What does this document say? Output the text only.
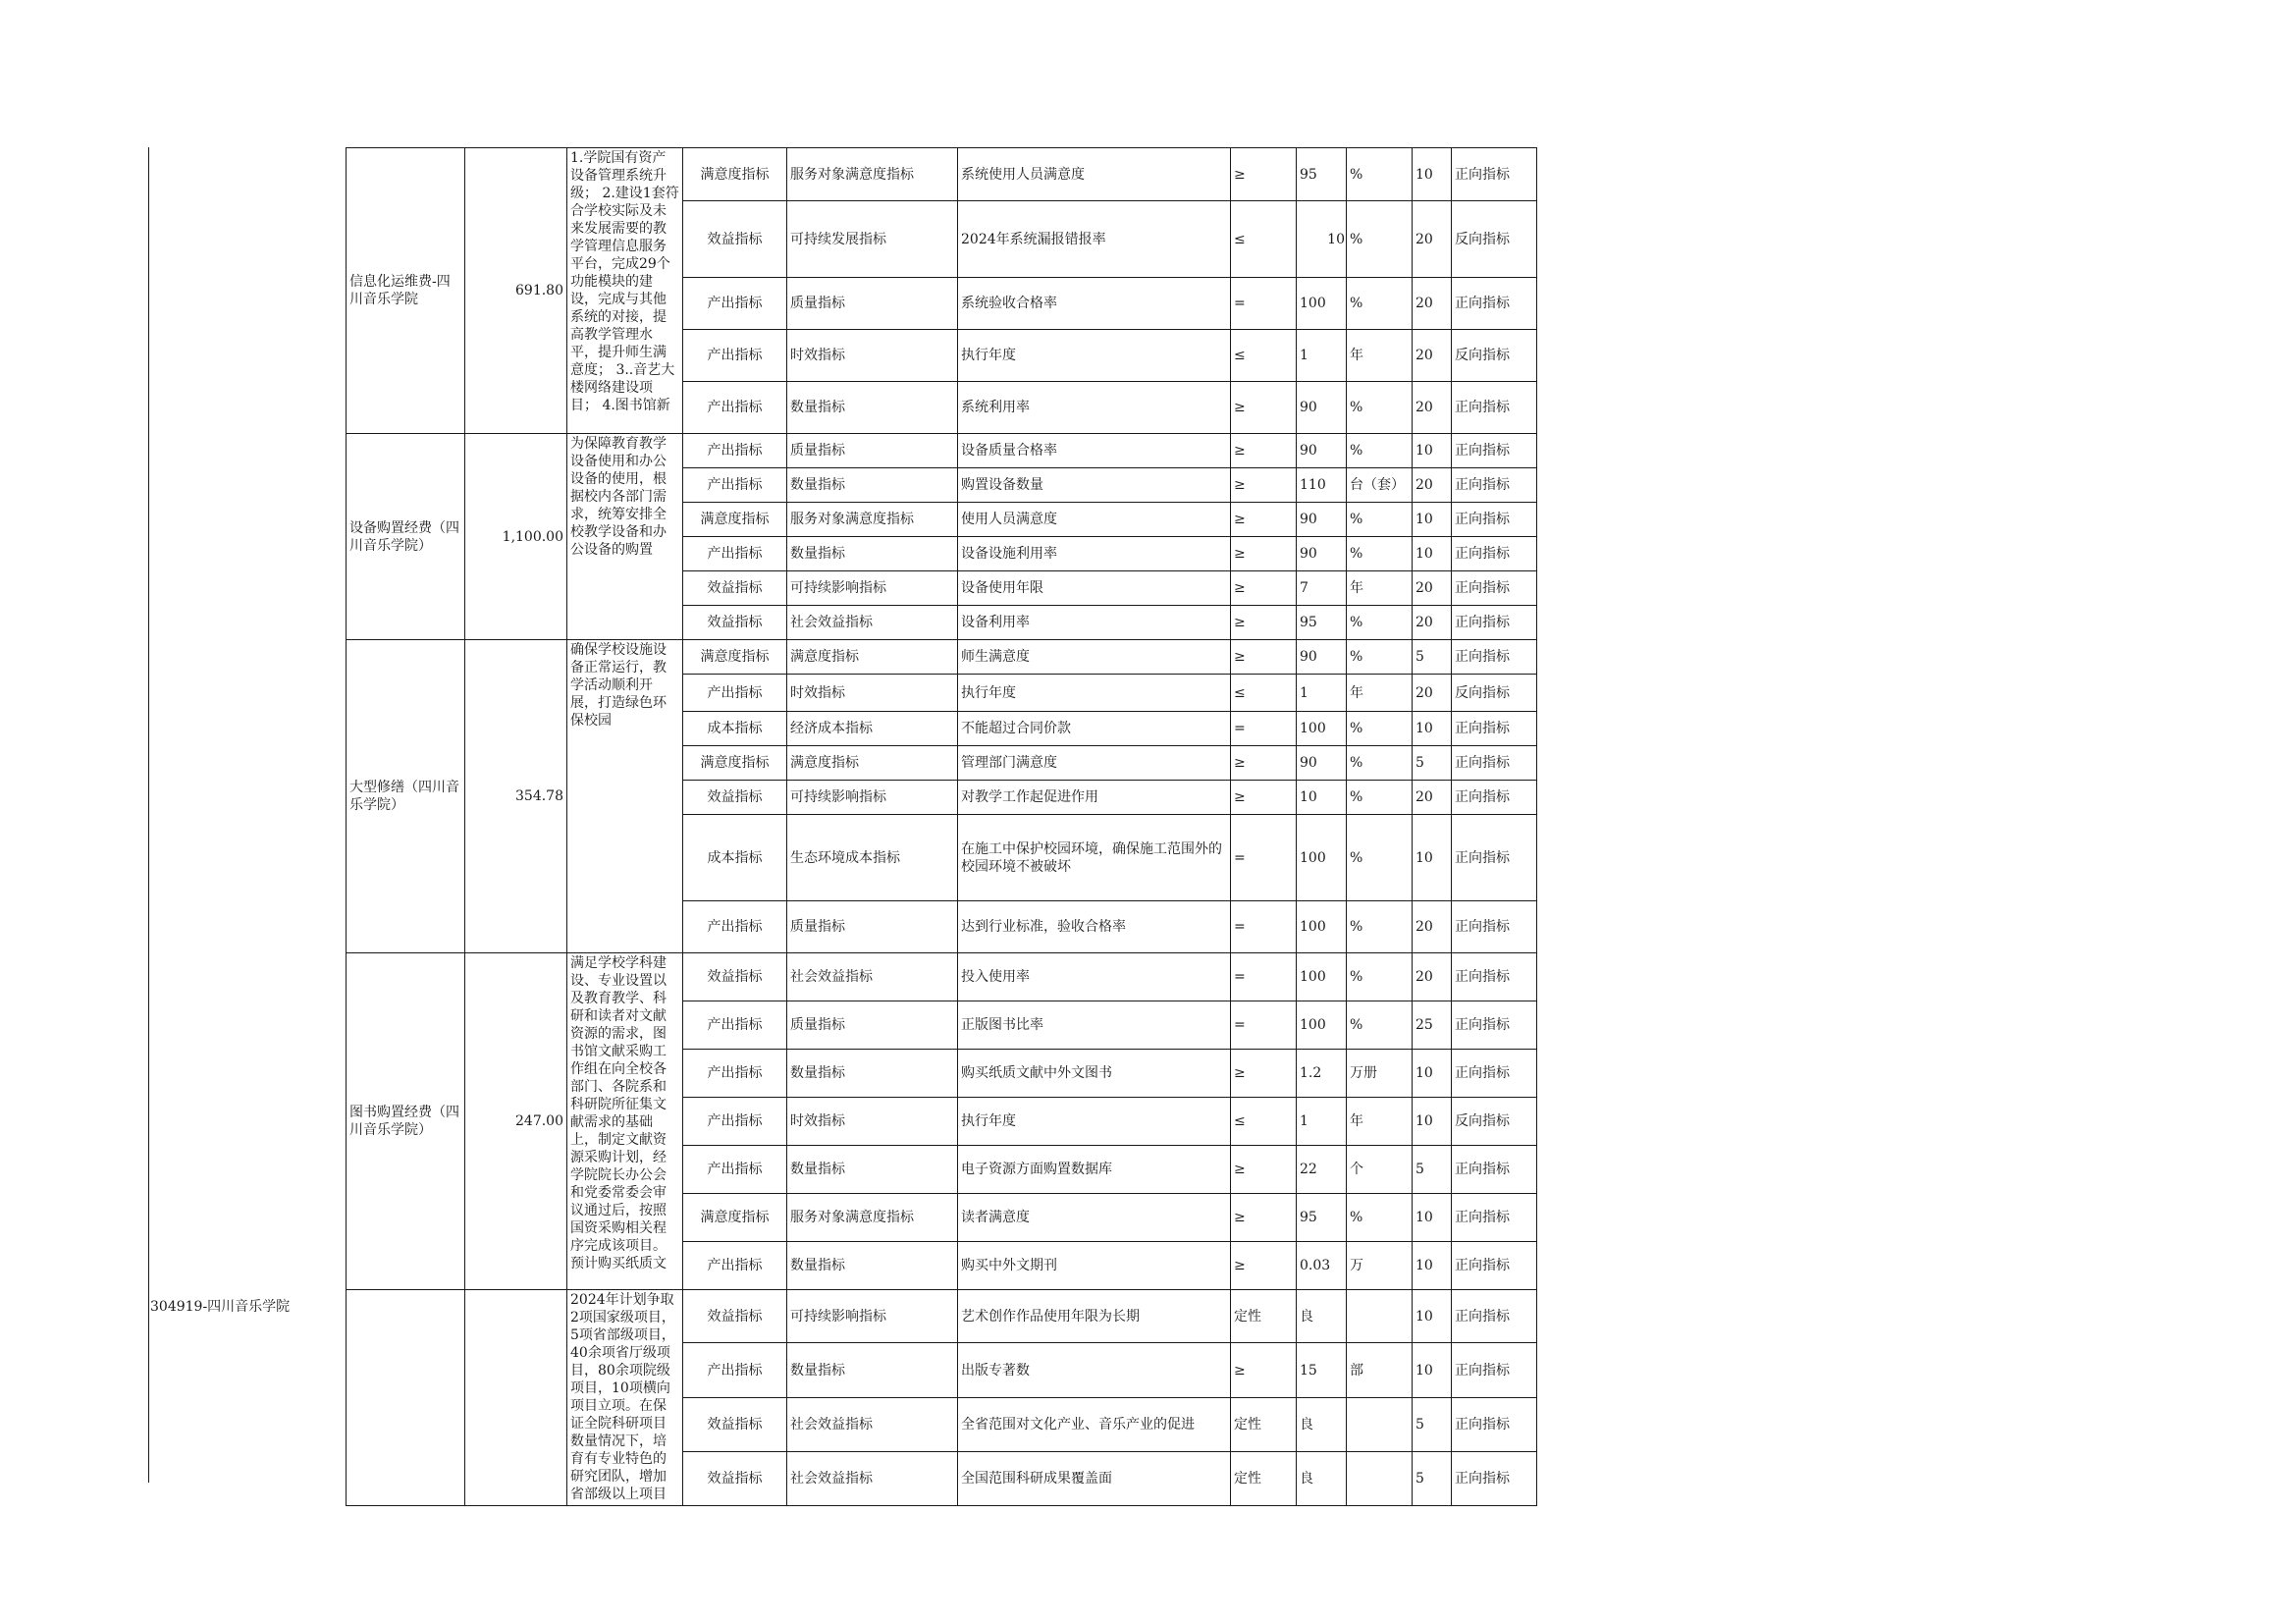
304919-四川音乐学院
信息化运维费-四川音乐学院	691.80	1.学院国有资产设备管理系统升级； 2.建设1套符合学校实际及未来发展需要的教学管理信息服务平台，完成29个功能模块的建设，完成与其他系统的对接，提高教学管理水平，提升师生满意度； 3..音艺大楼网络建设项目； 4.图书馆新	满意度指标	服务对象满意度指标	系统使用人员满意度	≥	95	%	10	正向指标
			效益指标	可持续发展指标	2024年系统漏报错报率	≤	10	%	20	反向指标
			产出指标	质量指标	系统验收合格率	=	100	%	20	正向指标
			产出指标	时效指标	执行年度	≤	1	年	20	反向指标
			产出指标	数量指标	系统利用率	≥	90	%	20	正向指标
设备购置经费（四川音乐学院）	1,100.00	为保障教育教学设备使用和办公设备的使用，根据校内各部门需求，统筹安排全校教学设备和办公设备的购置	产出指标	质量指标	设备质量合格率	≥	90	%	10	正向指标
			产出指标	数量指标	购置设备数量	≥	110	台（套）	20	正向指标
			满意度指标	服务对象满意度指标	使用人员满意度	≥	90	%	10	正向指标
			产出指标	数量指标	设备设施利用率	≥	90	%	10	正向指标
			效益指标	可持续影响指标	设备使用年限	≥	7	年	20	正向指标
			效益指标	社会效益指标	设备利用率	≥	95	%	20	正向指标
大型修缮（四川音乐学院）	354.78	确保学校设施设备正常运行，教学活动顺利开展，打造绿色环保校园	满意度指标	满意度指标	师生满意度	≥	90	%	5	正向指标
			产出指标	时效指标	执行年度	≤	1	年	20	反向指标
			成本指标	经济成本指标	不能超过合同价款	=	100	%	10	正向指标
			满意度指标	满意度指标	管理部门满意度	≥	90	%	5	正向指标
			效益指标	可持续影响指标	对教学工作起促进作用	≥	10	%	20	正向指标
			成本指标	生态环境成本指标	在施工中保护校园环境，确保施工范围外的校园环境不被破坏	=	100	%	10	正向指标
			产出指标	质量指标	达到行业标准，验收合格率	=	100	%	20	正向指标
图书购置经费（四川音乐学院）	247.00	满足学校学科建设、专业设置以及教育教学、科研和读者对文献资源的需求，图书馆文献采购工作组在向全校各部门、各院系和科研院所征集文献需求的基础上，制定文献资源采购计划，经学院院长办公会和党委常委会审议通过后，按照国资采购相关程序完成该项目。预计购买纸质文	效益指标	社会效益指标	投入使用率	=	100	%	20	正向指标
			产出指标	质量指标	正版图书比率	=	100	%	25	正向指标
			产出指标	数量指标	购买纸质文献中外文图书	≥	1.2	万册	10	正向指标
			产出指标	时效指标	执行年度	≤	1	年	10	反向指标
			产出指标	数量指标	电子资源方面购置数据库	≥	22	个	5	正向指标
			满意度指标	服务对象满意度指标	读者满意度	≥	95	%	10	正向指标
			产出指标	数量指标	购买中外文期刊	≥	0.03	万	10	正向指标

		2024年计划争取2项国家级项目，5项省部级项目，40余项省厅级项目，80余项院级项目，10项横向项目立项。在保证全院科研项目数量情况下，培育有专业特色的研究团队，增加省部级以上项目	效益指标	可持续影响指标	艺术创作作品使用年限为长期	定性	良		10	正向指标
			产出指标	数量指标	出版专著数	≥	15	部	10	正向指标
			效益指标	社会效益指标	全省范围对文化产业、音乐产业的促进	定性	良		5	正向指标
			效益指标	社会效益指标	全国范围科研成果覆盖面	定性	良		5	正向指标
